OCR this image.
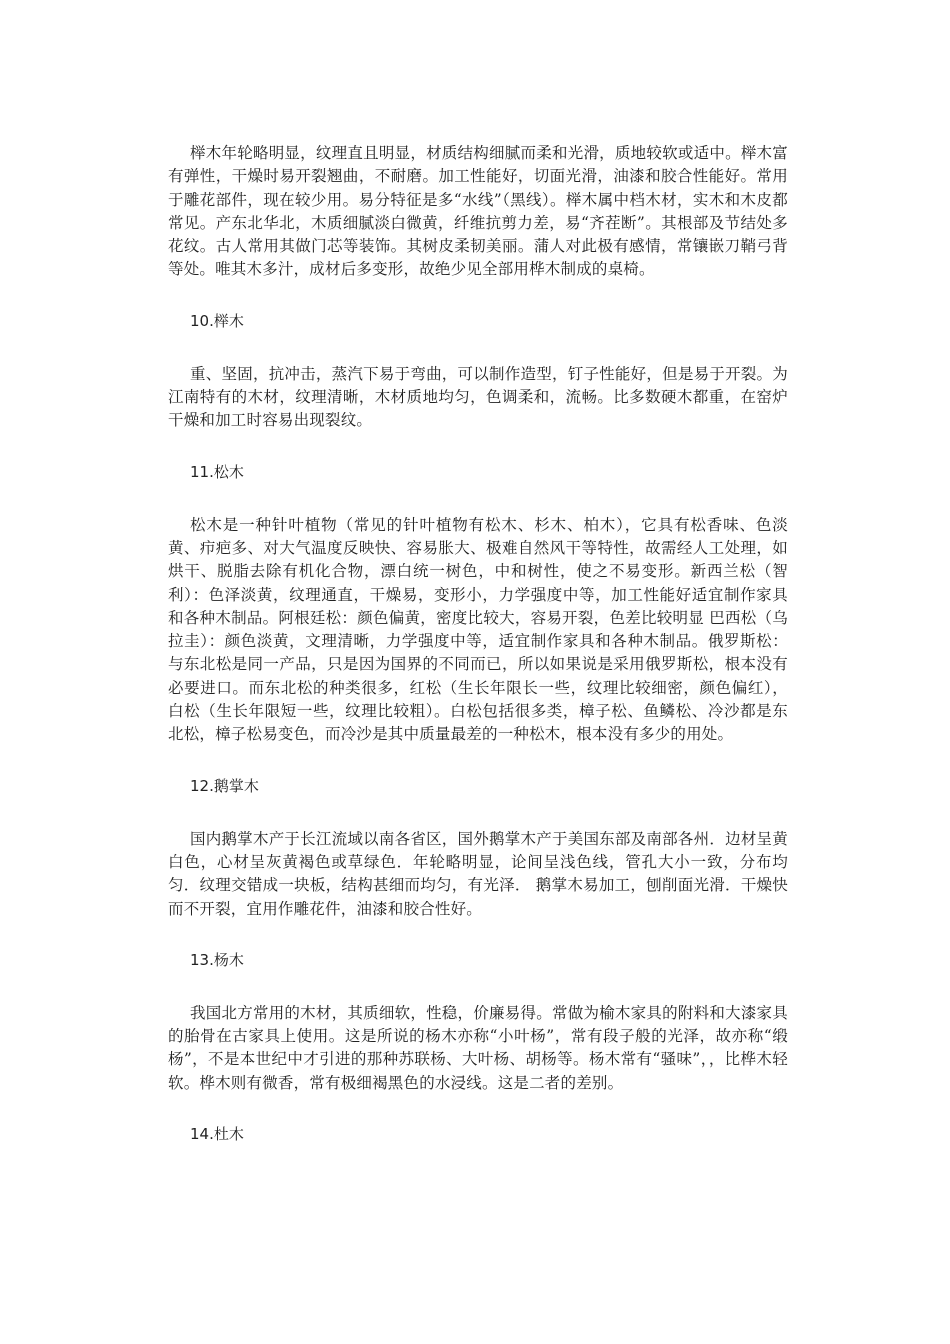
榉木年轮略明显，纹理直且明显，材质结构细腻而柔和光滑，质地较软或适中。榉木富有弹性，干燥时易开裂翘曲，不耐磨。加工性能好，切面光滑，油漆和胶合性能好。常用于雕花部件，现在较少用。易分特征是多“水线”（黑线）。榉木属中档木材，实木和木皮都常见。产东北华北，木质细腻淡白微黄，纤维抗剪力差，易“齐茬断”。其根部及节结处多花纹。古人常用其做门芯等装饰。其树皮柔韧美丽。蒲人对此极有感情，常镶嵌刀鞘弓背等处。唯其木多汁，成材后多变形，故绝少见全部用桦木制成的桌椅。

10.榉木

重、坚固，抗冲击，蒸汽下易于弯曲，可以制作造型，钉子性能好，但是易于开裂。为江南特有的木材，纹理清晰，木材质地均匀，色调柔和，流畅。比多数硬木都重，在窑炉干燥和加工时容易出现裂纹。

11.松木

松木是一种针叶植物（常见的针叶植物有松木、杉木、柏木），它具有松香味、色淡黄、疖疤多、对大气温度反映快、容易胀大、极难自然风干等特性，故需经人工处理，如烘干、脱脂去除有机化合物，漂白统一树色，中和树性，使之不易变形。新西兰松（智利）：色泽淡黄，纹理通直，干燥易，变形小，力学强度中等，加工性能好适宜制作家具和各种木制品。阿根廷松：颜色偏黄，密度比较大，容易开裂，色差比较明显 巴西松（乌拉圭）：颜色淡黄，文理清晰，力学强度中等，适宜制作家具和各种木制品。俄罗斯松：与东北松是同一产品，只是因为国界的不同而已，所以如果说是采用俄罗斯松，根本没有必要进口。而东北松的种类很多，红松（生长年限长一些，纹理比较细密，颜色偏红），白松（生长年限短一些，纹理比较粗）。白松包括很多类，樟子松、鱼鳞松、冷沙都是东北松，樟子松易变色，而冷沙是其中质量最差的一种松木，根本没有多少的用处。

12.鹅掌木

国内鹅掌木产于长江流域以南各省区，国外鹅掌木产于美国东部及南部各州．边材呈黄白色，心材呈灰黄褐色或草绿色．年轮略明显，论间呈浅色线，管孔大小一致，分布均匀．纹理交错成一块板，结构甚细而均匀，有光泽． 鹅掌木易加工，刨削面光滑．干燥快而不开裂，宜用作雕花件，油漆和胶合性好。

13.杨木

我国北方常用的木材，其质细软，性稳，价廉易得。常做为榆木家具的附料和大漆家具的胎骨在古家具上使用。这是所说的杨木亦称“小叶杨”，常有段子般的光泽，故亦称“缎杨”，不是本世纪中才引进的那种苏联杨、大叶杨、胡杨等。杨木常有“骚味”，，比桦木轻软。桦木则有微香，常有极细褐黑色的水浸线。这是二者的差别。

14.杜木
